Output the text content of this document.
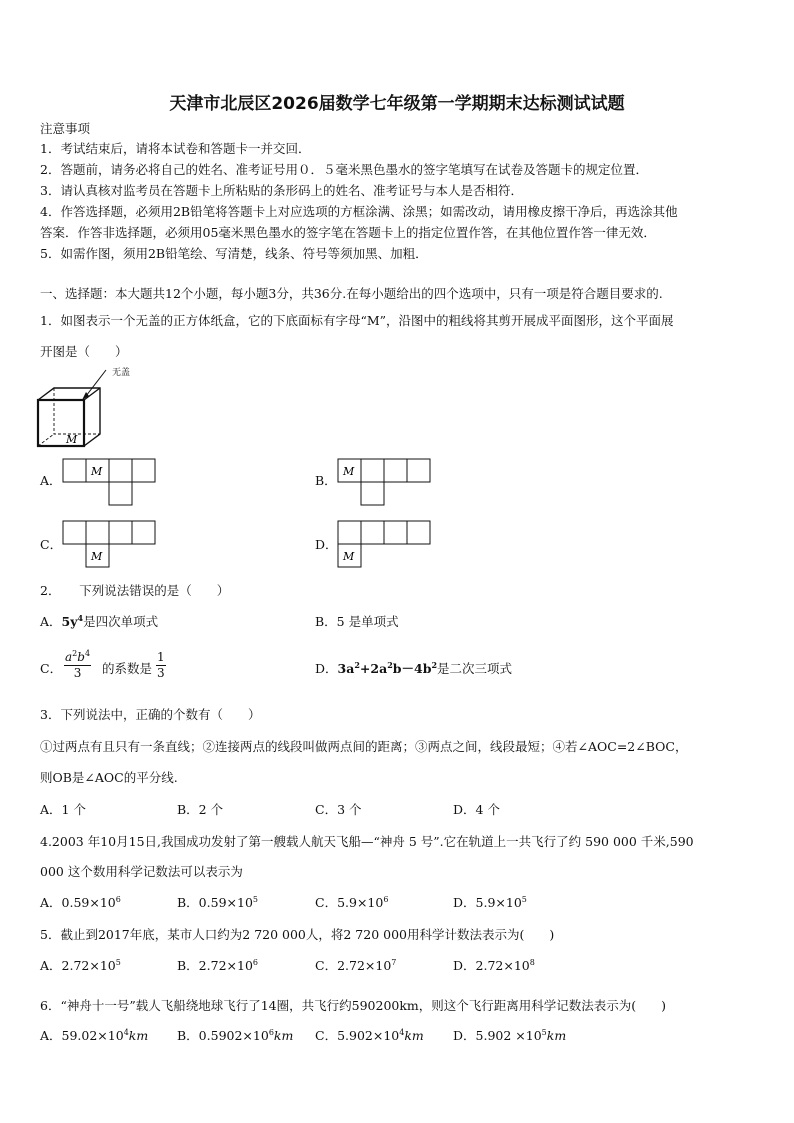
天津市北辰区2026届数学七年级第一学期期末达标测试试题
注意事项
1．考试结束后，请将本试卷和答题卡一并交回．
2．答题前，请务必将自己的姓名、准考证号用０．５毫米黑色墨水的签字笔填写在试卷及答题卡的规定位置．
3．请认真核对监考员在答题卡上所粘贴的条形码上的姓名、准考证号与本人是否相符．
4．作答选择题，必须用2B铅笔将答题卡上对应选项的方框涂满、涂黑；如需改动，请用橡皮擦干净后，再选涂其他
答案．作答非选择题，必须用05毫米黑色墨水的签字笔在答题卡上的指定位置作答，在其他位置作答一律无效．
5．如需作图，须用2B铅笔绘、写清楚，线条、符号等须加黑、加粗．
一、选择题：本大题共12个小题，每小题3分，共36分.在每小题给出的四个选项中，只有一项是符合题目要求的.
1．如图表示一个无盖的正方体纸盒，它的下底面标有字母“M”，沿图中的粗线将其剪开展成平面图形，这个平面展
开图是（　　）
无盖
M
A．
M
B．
M
C．
M
D．
M
2．　　下列说法错误的是（　　）
A．$5y^4$是四次单项式	B．5 是单项式
C． $\frac{a^2b^4}{3}$ 的系数是 $\frac{1}{3}$	D．$3a^2+2a^2b-4b^2$是二次三项式
3．下列说法中，正确的个数有（　　）
①过两点有且只有一条直线；②连接两点的线段叫做两点间的距离；③两点之间，线段最短；④若∠AOC=2∠BOC，
则OB是∠AOC的平分线.
A．1 个	B．2 个	C．3 个	D．4 个
4.2003 年10月15日,我国成功发射了第一艘载人航天飞船—“神舟 5 号”.它在轨道上一共飞行了约 590 000 千米,590
000 这个数用科学记数法可以表示为
A．$0.59\times 10^6$	B．$0.59\times 10^5$	C．$5.9\times 10^6$	D．$5.9\times 10^5$
5．截止到2017年底，某市人口约为2 720 000人，将2 720 000用科学计数法表示为(　　)
A．$2.72\times 10^5$	B．$2.72\times 10^6$	C．$2.72\times 10^7$	D．$2.72\times 10^8$
6．“神舟十一号”载人飞船绕地球飞行了14圈，共飞行约590200km，则这个飞行距离用科学记数法表示为(　　)
A．$59.02\times 10^4km$ B．$0.5902\times 10^6km$ C．$5.902\times 10^4km$ D．$5.902 \times 10^5km$
